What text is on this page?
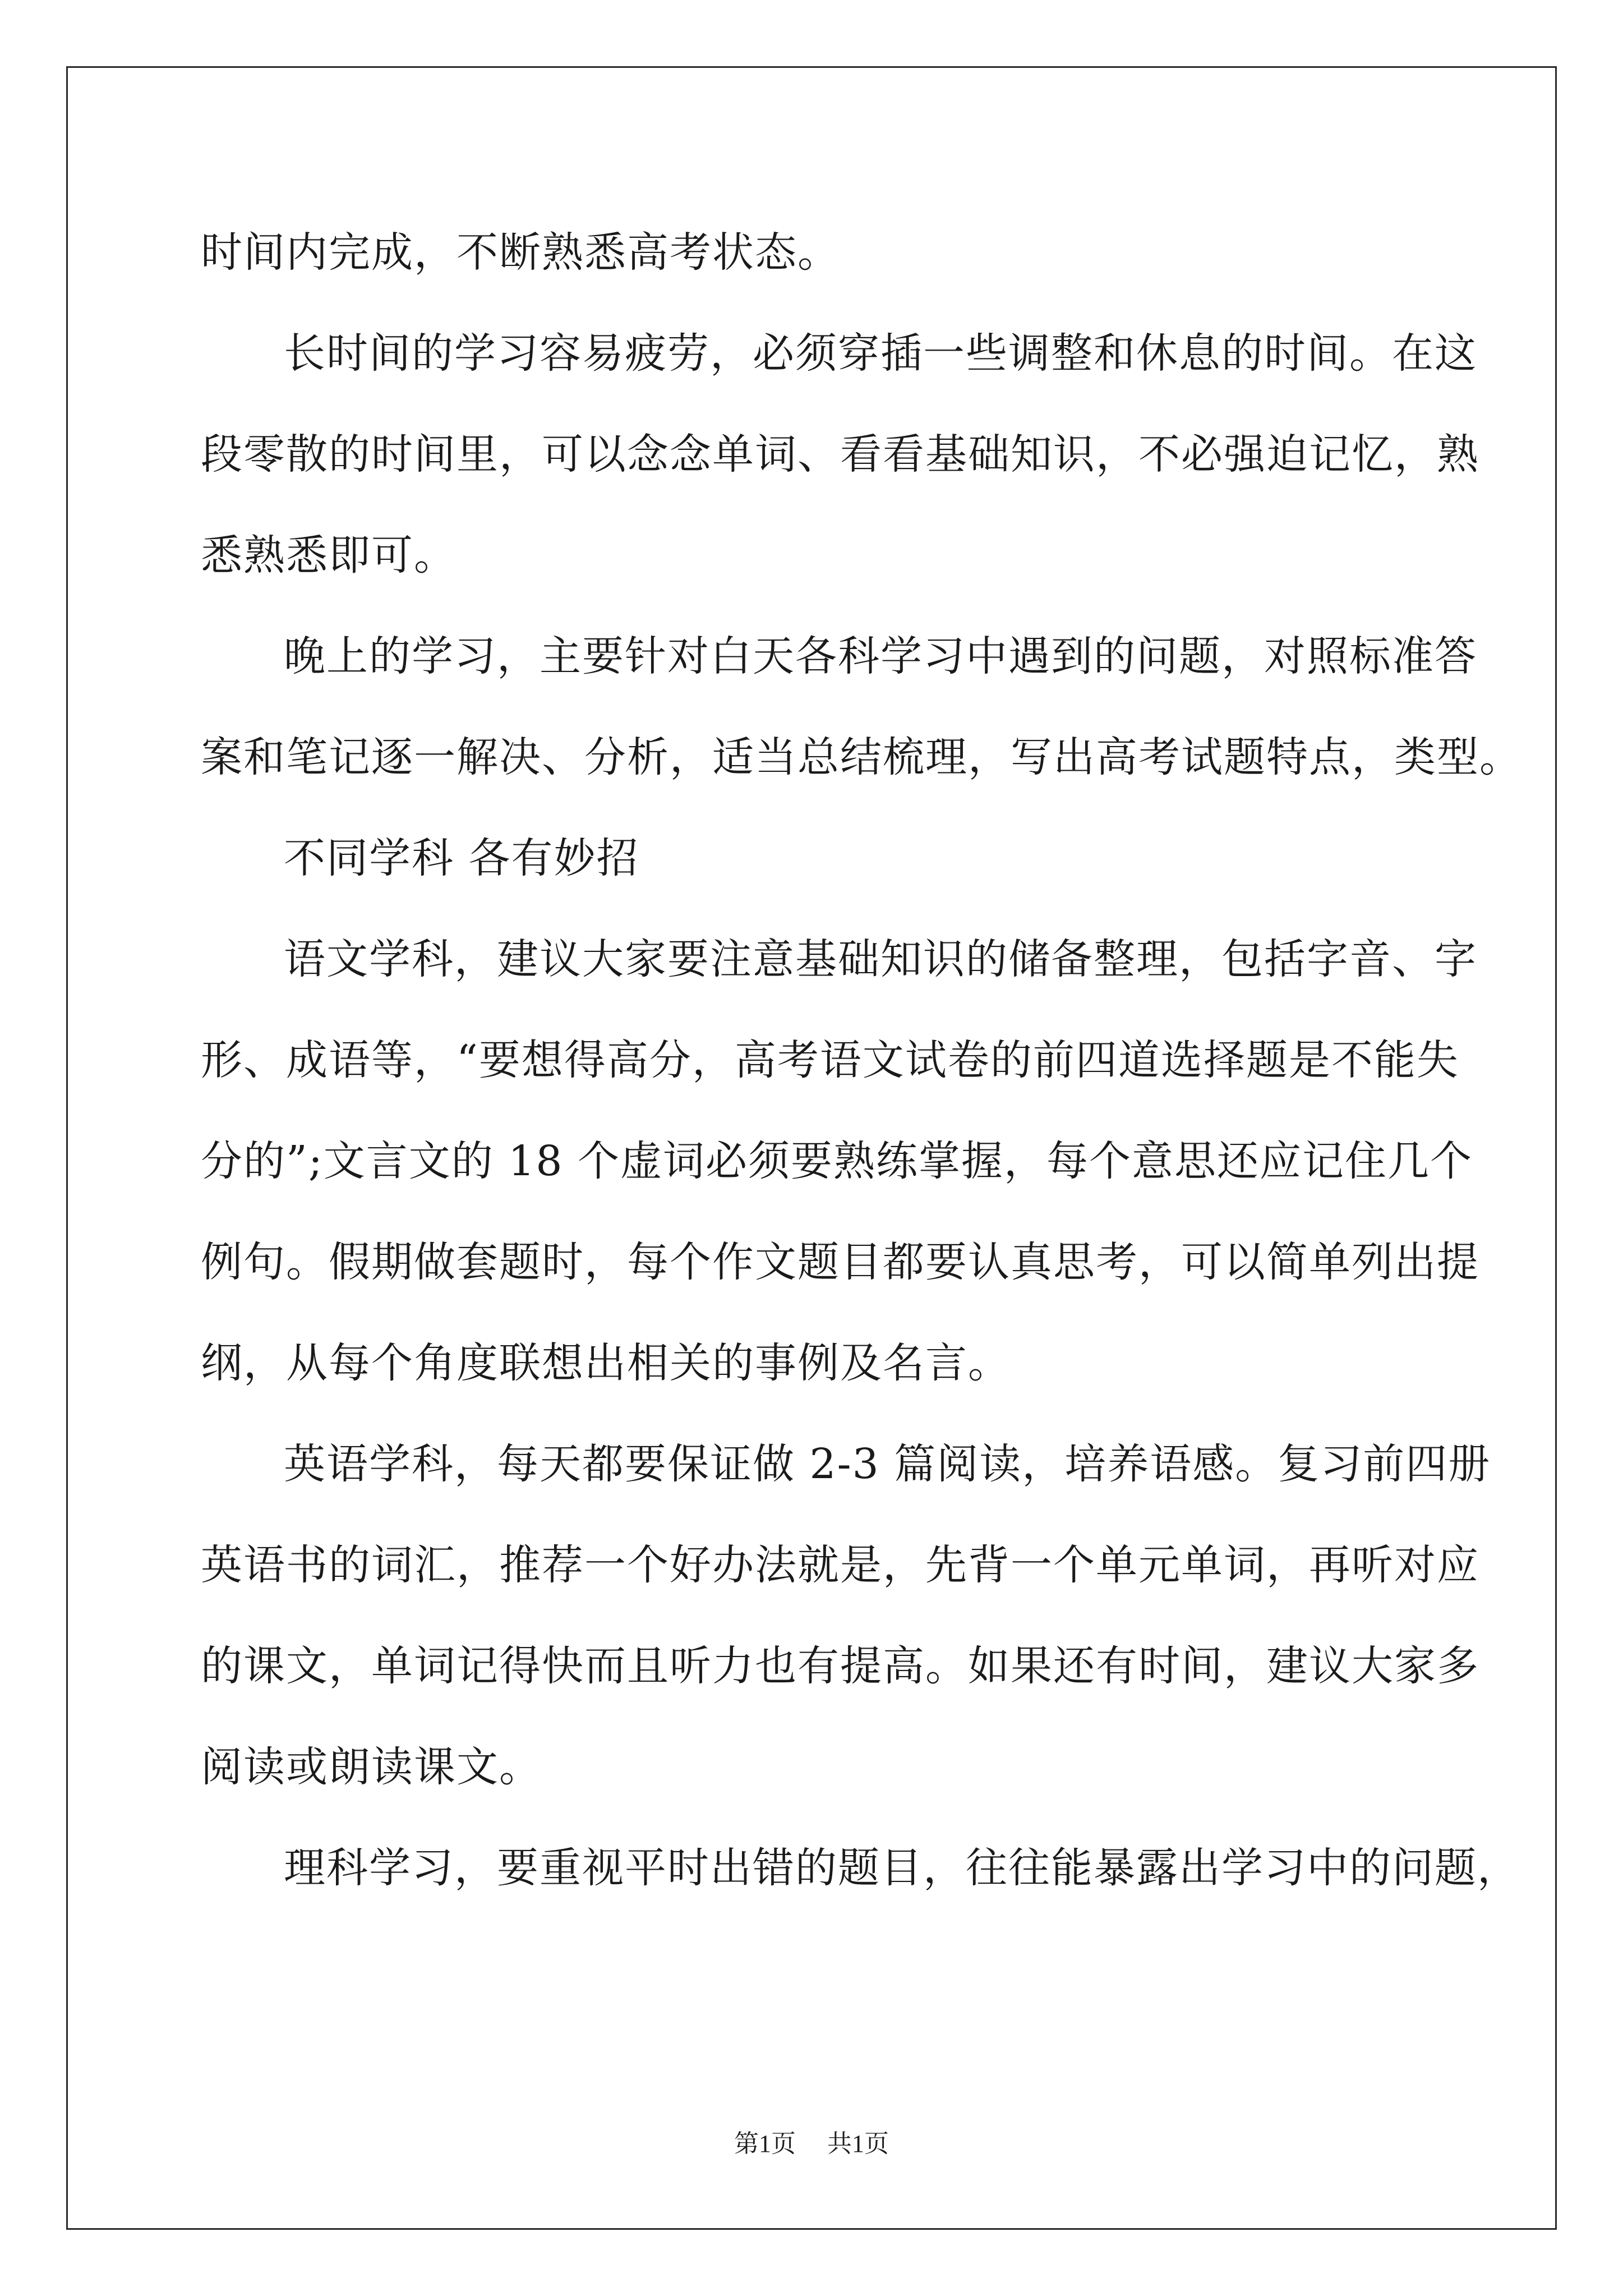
时间内完成，不断熟悉高考状态。
长时间的学习容易疲劳，必须穿插一些调整和休息的时间。在这
段零散的时间里，可以念念单词、看看基础知识，不必强迫记忆，熟
悉熟悉即可。
晚上的学习，主要针对白天各科学习中遇到的问题，对照标准答
案和笔记逐一解决、分析，适当总结梳理，写出高考试题特点，类型。
不同学科 各有妙招
语文学科，建议大家要注意基础知识的储备整理，包括字音、字
形、成语等，“要想得高分，高考语文试卷的前四道选择题是不能失
分的”;文言文的 18 个虚词必须要熟练掌握，每个意思还应记住几个
例句。假期做套题时，每个作文题目都要认真思考，可以简单列出提
纲，从每个角度联想出相关的事例及名言。
英语学科，每天都要保证做 2-3 篇阅读，培养语感。复习前四册
英语书的词汇，推荐一个好办法就是，先背一个单元单词，再听对应
的课文，单词记得快而且听力也有提高。如果还有时间，建议大家多
阅读或朗读课文。
理科学习，要重视平时出错的题目，往往能暴露出学习中的问题，
第1页 共1页
